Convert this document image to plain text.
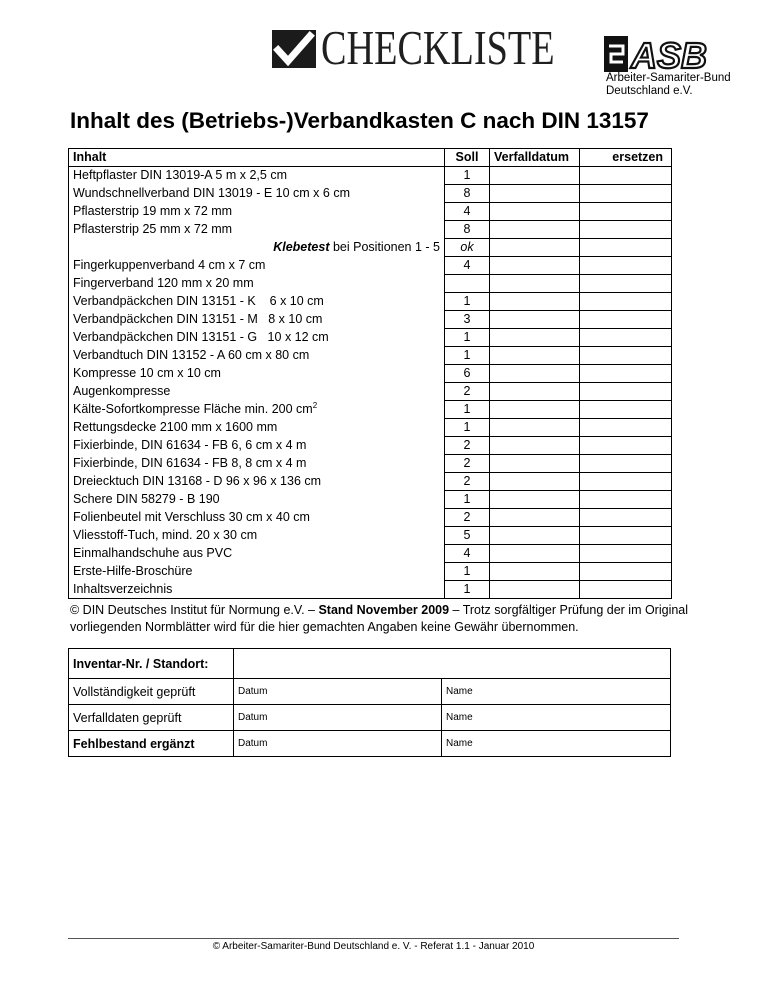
CHECKLISTE ASB
Arbeiter-Samariter-Bund
Deutschland e.V.
Inhalt des (Betriebs-)Verbandkasten C nach DIN 13157
Inhalt	Soll	Verfalldatum	ersetzen
Heftpflaster DIN 13019-A 5 m x 2,5 cm	1		
Wundschnellverband DIN 13019 - E 10 cm x 6 cm	8		
Pflasterstrip 19 mm x 72 mm	4		
Pflasterstrip 25 mm x 72 mm	8		
Klebetest bei Positionen 1 - 5	ok		
Fingerkuppenverband 4 cm x 7 cm	4		
Fingerverband 120 mm x 20 mm			
Verbandpäckchen DIN 13151 - K    6 x 10 cm	1		
Verbandpäckchen DIN 13151 - M   8 x 10 cm	3		
Verbandpäckchen DIN 13151 - G   10 x 12 cm	1		
Verbandtuch DIN 13152 - A 60 cm x 80 cm	1		
Kompresse 10 cm x 10 cm	6		
Augenkompresse	2		
Kälte-Sofortkompresse Fläche min. 200 $cm^2$	1		
Rettungsdecke 2100 mm x 1600 mm	1		
Fixierbinde, DIN 61634 - FB 6, 6 cm x 4 m	2		
Fixierbinde, DIN 61634 - FB 8, 8 cm x 4 m	2		
Dreiecktuch DIN 13168 - D 96 x 96 x 136 cm	2		
Schere DIN 58279 - B 190	1		
Folienbeutel mit Verschluss 30 cm x 40 cm	2		
Vliesstoff-Tuch, mind. 20 x 30 cm	5		
Einmalhandschuhe aus PVC	4		
Erste-Hilfe-Broschüre	1		
Inhaltsverzeichnis	1		
© DIN Deutsches Institut für Normung e.V. – Stand November 2009 – Trotz sorgfältiger Prüfung der im Original vorliegenden Normblätter wird für die hier gemachten Angaben keine Gewähr übernommen.
Inventar-Nr. / Standort:		
Vollständigkeit geprüft	Datum	Name
Verfalldaten geprüft	Datum	Name
Fehlbestand ergänzt	Datum	Name
© Arbeiter-Samariter-Bund Deutschland e. V. - Referat 1.1 - Januar 2010
